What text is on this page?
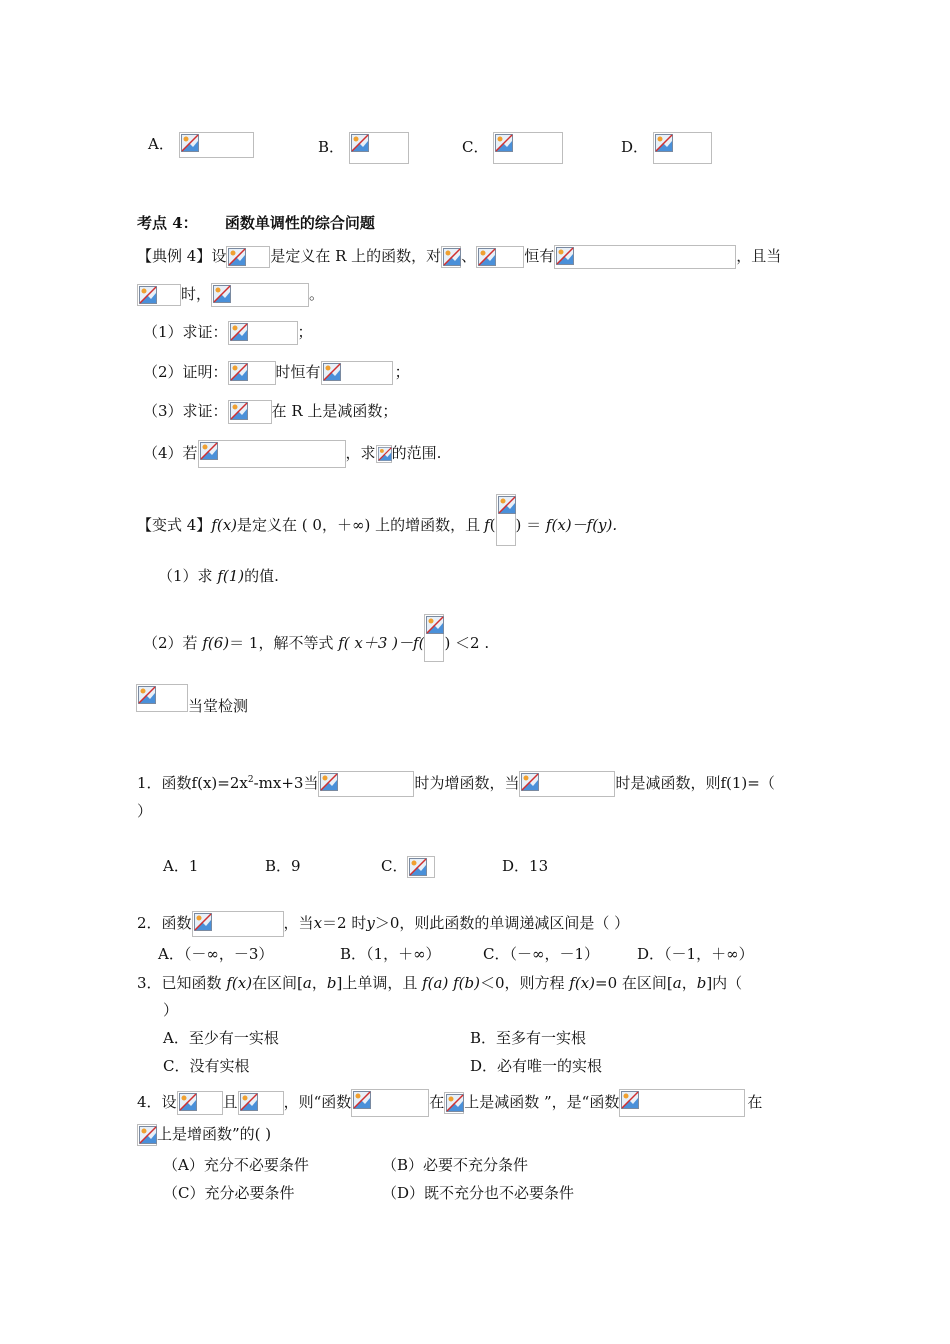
A．	B．	C．	D．
考点 4： 函数单调性的综合问题
【典例 4】设	是定义在 R 上的函数，对 、	恒有	，且当
时，	。
（1）求证：	；
（2）证明：	时恒有	；
（3）求证：	在 R 上是减函数；
（4）若	，求 的范围.
【变式 4】f(x)是定义在 ( 0，＋∞) 上的增函数，且 f( ) ＝ f(x)－f(y).
（1）求 f(1)的值.
（2）若 f(6)＝ 1，解不等式 f( x＋3 )－f( ) ＜2 .
当堂检测
1．函数$f(x)=2x^2-mx+3$当	时为增函数，当	时是减函数，则f(1)=（
）
A．1	B．9	C．	D．13
2．函数	，当x＝2 时y＞0，则此函数的单调递减区间是（ ）
A．（－∞，－3）	B．（1，＋∞）	C．（－∞，－1）	D．（－1，＋∞）
3．已知函数 f(x)在区间[a，b]上单调，且 f(a) f(b)＜0，则方程 f(x)=0 在区间[a，b]内（
）
A．至少有一实根	B．至多有一实根
C．没有实根	D．必有唯一的实根
4．设	且	，则“函数	在 上是减函数 ”，是“函数	在
上是增函数”的( )
（A）充分不必要条件	（B）必要不充分条件
（C）充分必要条件	（D）既不充分也不必要条件
